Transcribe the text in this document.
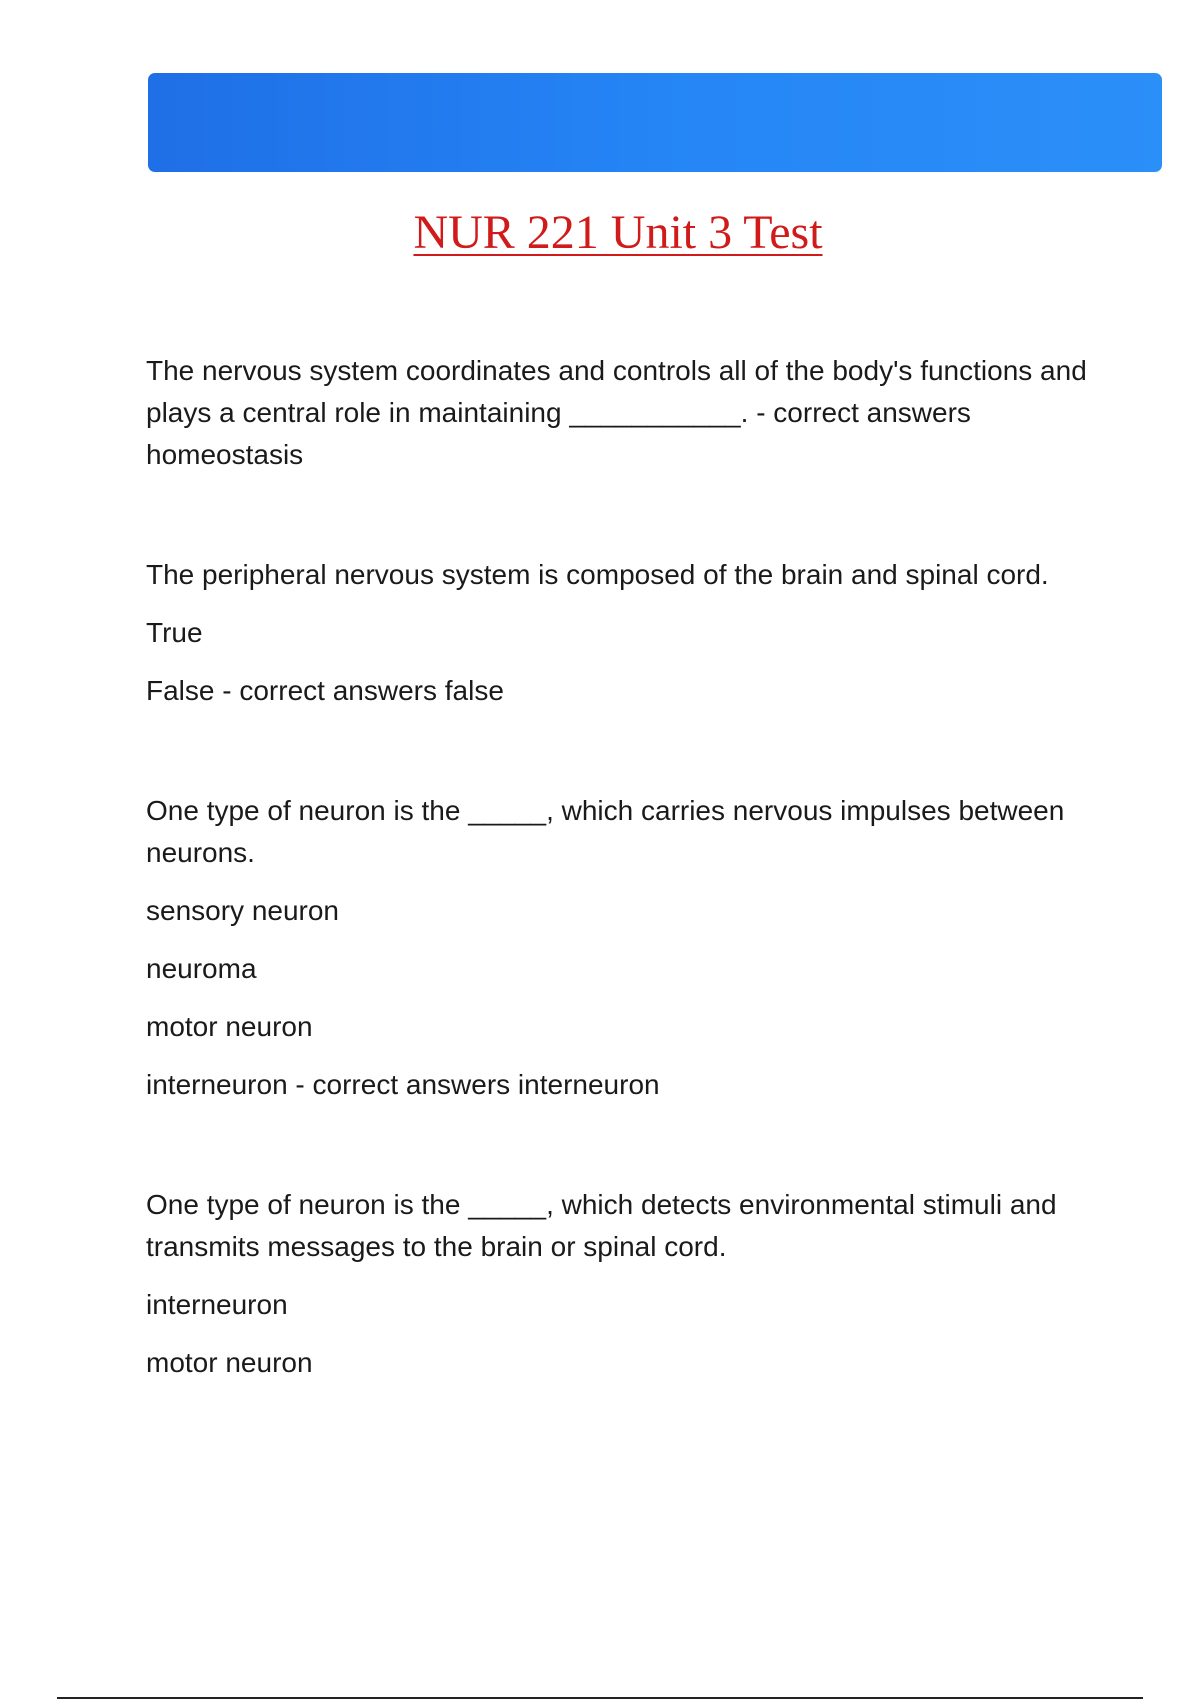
NUR 221 Unit 3 Test

The nervous system coordinates and controls all of the body's functions and plays a central role in maintaining ___________. - correct answers homeostasis

The peripheral nervous system is composed of the brain and spinal cord.

True

False - correct answers false

One type of neuron is the _____, which carries nervous impulses between neurons.

sensory neuron

neuroma

motor neuron

interneuron - correct answers interneuron

One type of neuron is the _____, which detects environmental stimuli and transmits messages to the brain or spinal cord.

interneuron

motor neuron
